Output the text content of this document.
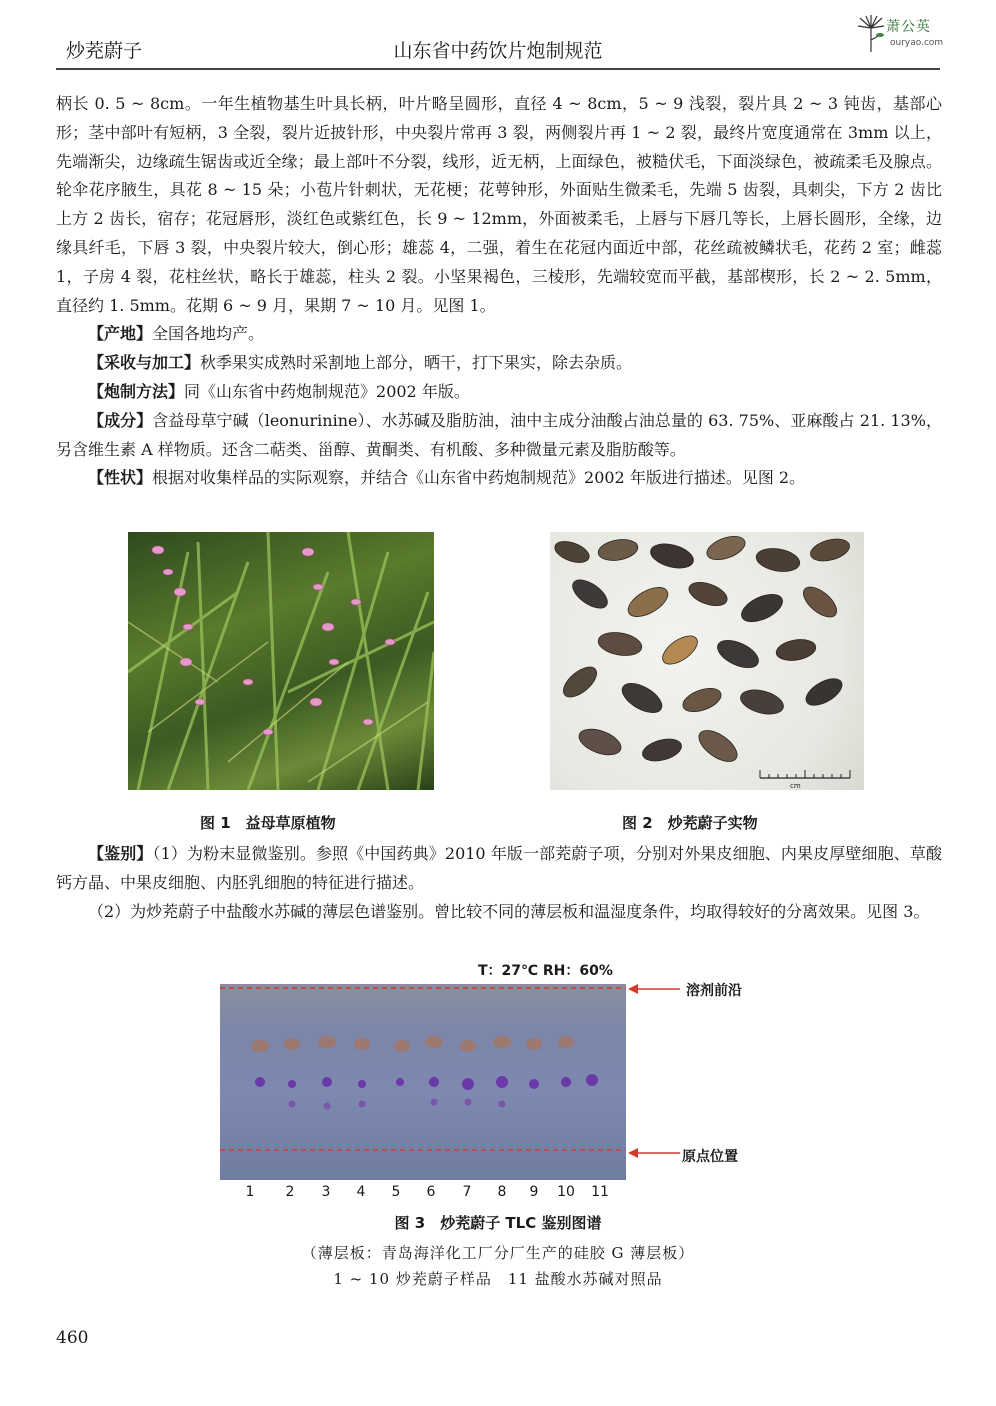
炒茺蔚子	山东省中药饮片炮制规范
萧公英
ouryao.com

柄长 0. 5 ~ 8cm。一年生植物基生叶具长柄，叶片略呈圆形，直径 4 ~ 8cm，5 ~ 9 浅裂，裂片具 2 ~ 3 钝齿，基部心形；茎中部叶有短柄，3 全裂，裂片近披针形，中央裂片常再 3 裂，两侧裂片再 1 ~ 2 裂，最终片宽度通常在 3mm 以上，先端渐尖，边缘疏生锯齿或近全缘；最上部叶不分裂，线形，近无柄，上面绿色，被糙伏毛，下面淡绿色，被疏柔毛及腺点。轮伞花序腋生，具花 8 ~ 15 朵；小苞片针刺状，无花梗；花萼钟形，外面贴生微柔毛，先端 5 齿裂，具刺尖，下方 2 齿比上方 2 齿长，宿存；花冠唇形，淡红色或紫红色，长 9 ~ 12mm，外面被柔毛，上唇与下唇几等长，上唇长圆形，全缘，边缘具纤毛，下唇 3 裂，中央裂片较大，倒心形；雄蕊 4，二强，着生在花冠内面近中部，花丝疏被鳞状毛，花药 2 室；雌蕊 1，子房 4 裂，花柱丝状，略长于雄蕊，柱头 2 裂。小坚果褐色，三棱形，先端较宽而平截，基部楔形，长 2 ~ 2. 5mm，直径约 1. 5mm。花期 6 ~ 9 月，果期 7 ~ 10 月。见图 1。

【产地】全国各地均产。

【采收与加工】秋季果实成熟时采割地上部分，晒干，打下果实，除去杂质。

【炮制方法】同《山东省中药炮制规范》2002 年版。

【成分】含益母草宁碱（leonurinine）、水苏碱及脂肪油，油中主成分油酸占油总量的 63. 75%、亚麻酸占 21. 13%，另含维生素 A 样物质。还含二萜类、甾醇、黄酮类、有机酸、多种微量元素及脂肪酸等。

【性状】根据对收集样品的实际观察，并结合《山东省中药炮制规范》2002 年版进行描述。见图 2。

cm
图 1　益母草原植物	图 2　炒茺蔚子实物

【鉴别】（1）为粉末显微鉴别。参照《中国药典》2010 年版一部茺蔚子项，分别对外果皮细胞、内果皮厚壁细胞、草酸钙方晶、中果皮细胞、内胚乳细胞的特征进行描述。

（2）为炒茺蔚子中盐酸水苏碱的薄层色谱鉴别。曾比较不同的薄层板和温湿度条件，均取得较好的分离效果。见图 3。

T：27℃ RH：60%
溶剂前沿
原点位置
1	2	3	4	5	6	7	8	9	10 11
图 3　炒茺蔚子 TLC 鉴别图谱
（薄层板：青岛海洋化工厂分厂生产的硅胶 G 薄层板）
1 ~ 10 炒茺蔚子样品　11 盐酸水苏碱对照品
460
